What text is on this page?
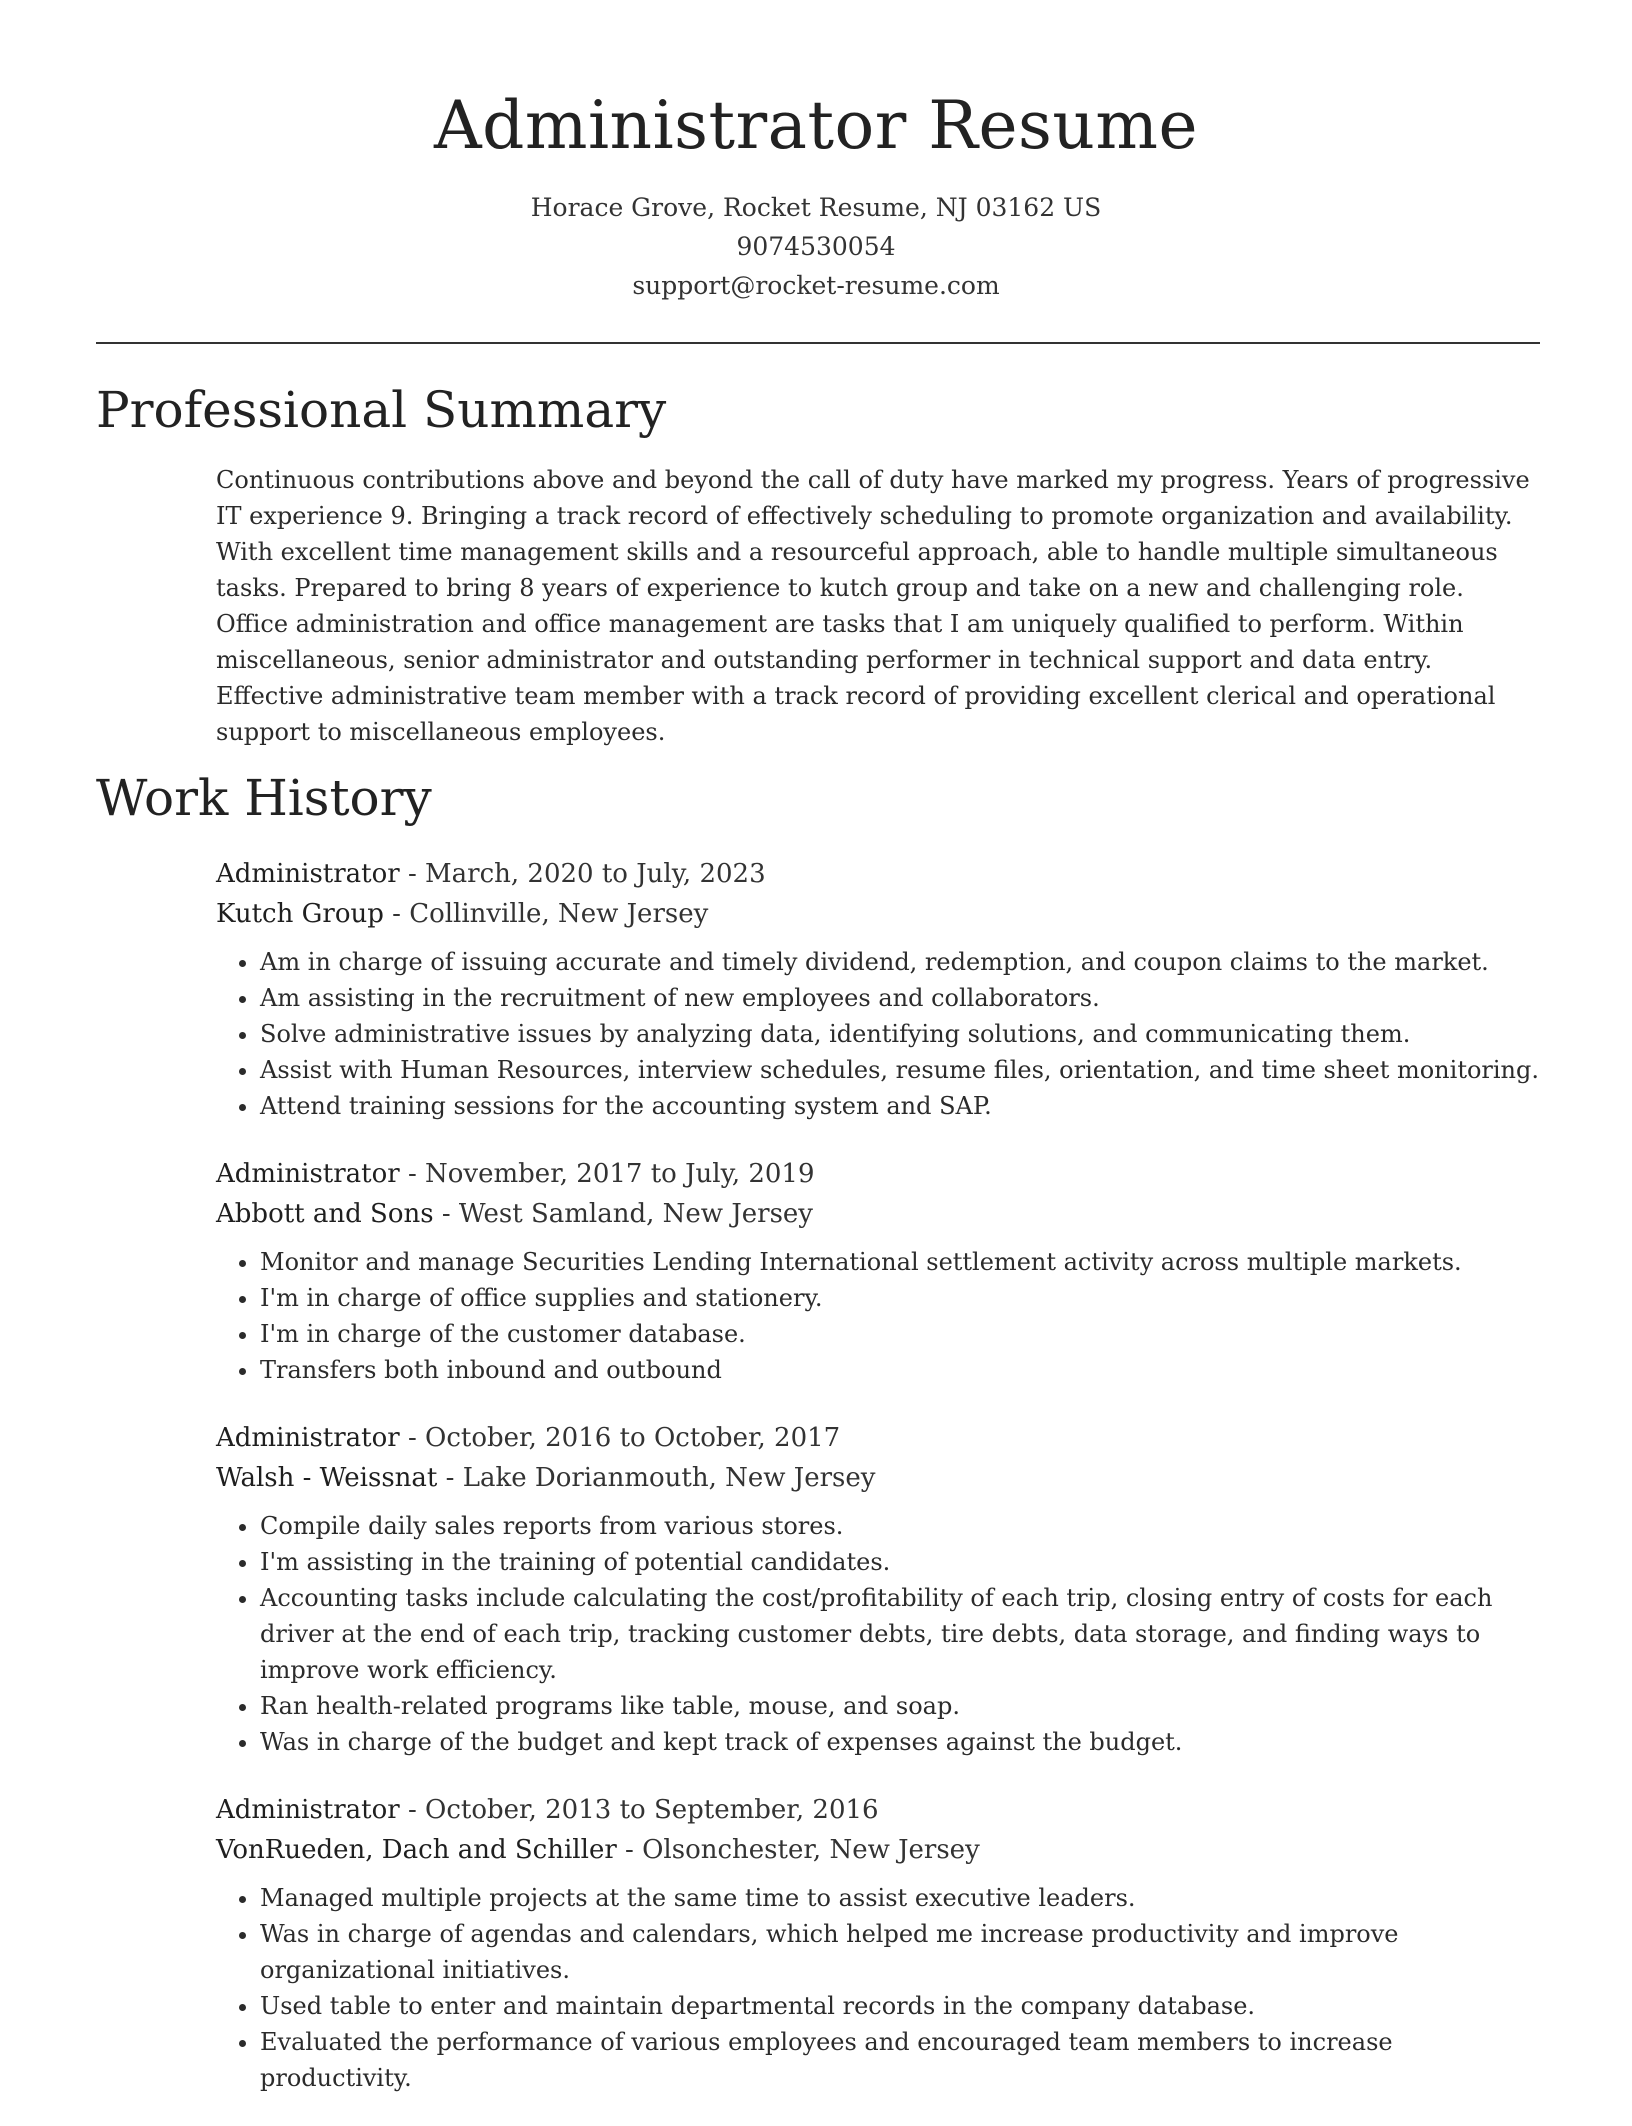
Administrator Resume
Horace Grove, Rocket Resume, NJ 03162 US
9074530054
support@rocket-resume.com
Professional Summary

Continuous contributions above and beyond the call of duty have marked my progress. Years of progressive IT experience 9. Bringing a track record of effectively scheduling to promote organization and availability. With excellent time management skills and a resourceful approach, able to handle multiple simultaneous tasks. Prepared to bring 8 years of experience to kutch group and take on a new and challenging role. Office administration and office management are tasks that I am uniquely qualified to perform. Within miscellaneous, senior administrator and outstanding performer in technical support and data entry. Effective administrative team member with a track record of providing excellent clerical and operational support to miscellaneous employees.

Work History
Administrator - March, 2020 to July, 2023
Kutch Group - Collinville, New Jersey
• Am in charge of issuing accurate and timely dividend, redemption, and coupon claims to the market.
• Am assisting in the recruitment of new employees and collaborators.
• Solve administrative issues by analyzing data, identifying solutions, and communicating them.
• Assist with Human Resources, interview schedules, resume files, orientation, and time sheet monitoring.
• Attend training sessions for the accounting system and SAP.
Administrator - November, 2017 to July, 2019
Abbott and Sons - West Samland, New Jersey
• Monitor and manage Securities Lending International settlement activity across multiple markets.
• I'm in charge of office supplies and stationery.
• I'm in charge of the customer database.
• Transfers both inbound and outbound
Administrator - October, 2016 to October, 2017
Walsh - Weissnat - Lake Dorianmouth, New Jersey
• Compile daily sales reports from various stores.
• I'm assisting in the training of potential candidates.
• Accounting tasks include calculating the cost/profitability of each trip, closing entry of costs for each driver at the end of each trip, tracking customer debts, tire debts, data storage, and finding ways to improve work efficiency.
• Ran health-related programs like table, mouse, and soap.
• Was in charge of the budget and kept track of expenses against the budget.
Administrator - October, 2013 to September, 2016
VonRueden, Dach and Schiller - Olsonchester, New Jersey
• Managed multiple projects at the same time to assist executive leaders.
• Was in charge of agendas and calendars, which helped me increase productivity and improve organizational initiatives.
• Used table to enter and maintain departmental records in the company database.
• Evaluated the performance of various employees and encouraged team members to increase productivity.
